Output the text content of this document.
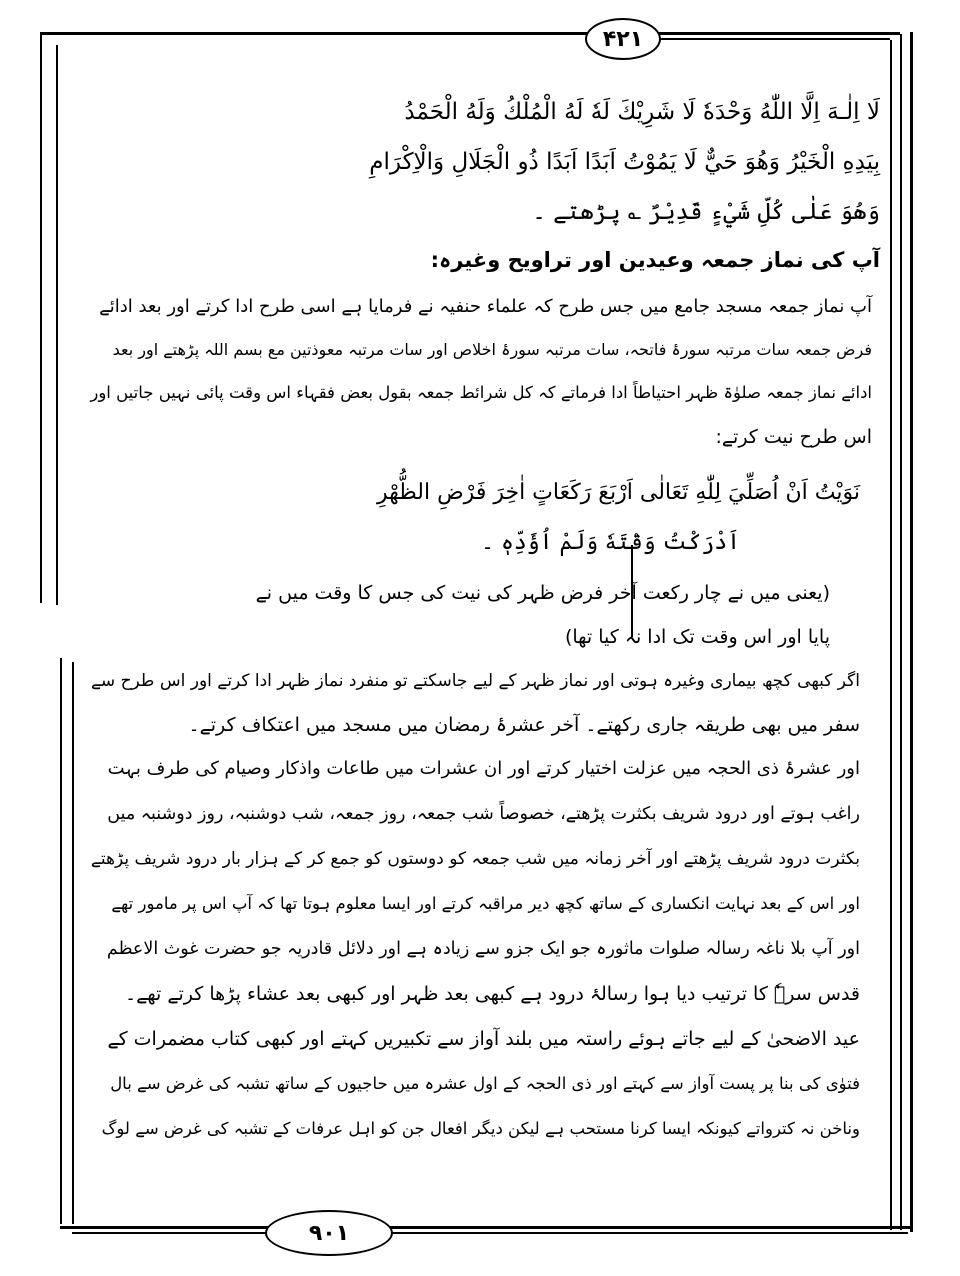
۴۲۱
۹۰۱
لَا اِلٰـهَ اِلَّا اللّٰهُ وَحْدَهٗ لَا شَرِيْكَ لَهٗ لَهُ الْمُلْكُ وَلَهُ الْحَمْدُ
بِيَدِهِ الْخَيْرُ وَهُوَ حَيٌّ لَا يَمُوْتُ اَبَدًا اَبَدًا ذُو الْجَلَالِ وَالْاِكْرَامِ
وَهُوَ عَلٰى كُلِّ شَيْءٍ قَدِيْرٌ ؎ پڑھتے ۔
آپ کی نماز جمعہ وعیدین اور تراویح وغیرہ:
آپ نماز جمعہ مسجد جامع میں جس طرح کہ علماء حنفیہ نے فرمایا ہے اسی طرح ادا کرتے اور بعد ادائے
فرض جمعہ سات مرتبہ سورۂ فاتحہ، سات مرتبہ سورۂ اخلاص اور سات مرتبہ معوذتین مع بسم اللہ پڑھتے اور بعد
ادائے نماز جمعہ صلوٰۃ ظہر احتیاطاً ادا فرماتے کہ کل شرائط جمعہ بقول بعض فقہاء اس وقت پائی نہیں جاتیں اور
اس طرح نیت کرتے:
نَوَيْتُ اَنْ اُصَلِّيَ لِلّٰهِ تَعَالٰى اَرْبَعَ رَكَعَاتٍ اٰخِرَ فَرْضِ الظُّهْرِ
اَدْرَكْتُ وَقْتَهٗ وَلَمْ اُؤَدِّهٖ ۔
(یعنی میں نے چار رکعت آخر فرض ظہر کی نیت کی جس کا وقت میں نے
پایا اور اس وقت تک ادا نہ کیا تھا)
اگر کبھی کچھ بیماری وغیرہ ہوتی اور نماز ظہر کے لیے جاسکتے تو منفرد نماز ظہر ادا کرتے اور اس طرح سے
سفر میں بھی طریقہ جاری رکھتے۔ آخر عشرۂ رمضان میں مسجد میں اعتکاف کرتے۔
اور عشرۂ ذی الحجہ میں عزلت اختیار کرتے اور ان عشرات میں طاعات واذکار وصیام کی طرف بہت
راغب ہوتے اور درود شریف بکثرت پڑھتے، خصوصاً شب جمعہ، روز جمعہ، شب دوشنبہ، روز دوشنبہ میں
بکثرت درود شریف پڑھتے اور آخر زمانہ میں شب جمعہ کو دوستوں کو جمع کر کے ہزار بار درود شریف پڑھتے
اور اس کے بعد نہایت انکساری کے ساتھ کچھ دیر مراقبہ کرتے اور ایسا معلوم ہوتا تھا کہ آپ اس پر مامور تھے
اور آپ بلا ناغہ رسالہ صلوات ماثورہ جو ایک جزو سے زیادہ ہے اور دلائل قادریہ جو حضرت غوث الاعظم
قدس سرہٗ کا ترتیب دیا ہوا رسالۂ درود ہے کبھی بعد ظہر اور کبھی بعد عشاء پڑھا کرتے تھے۔
عید الاضحیٰ کے لیے جاتے ہوئے راستہ میں بلند آواز سے تکبیریں کہتے اور کبھی کتاب مضمرات کے
فتوٰی کی بنا پر پست آواز سے کہتے اور ذی الحجہ کے اول عشرہ میں حاجیوں کے ساتھ تشبہ کی غرض سے بال
وناخن نہ کترواتے کیونکہ ایسا کرنا مستحب ہے لیکن دیگر افعال جن کو اہل عرفات کے تشبہ کی غرض سے لوگ
